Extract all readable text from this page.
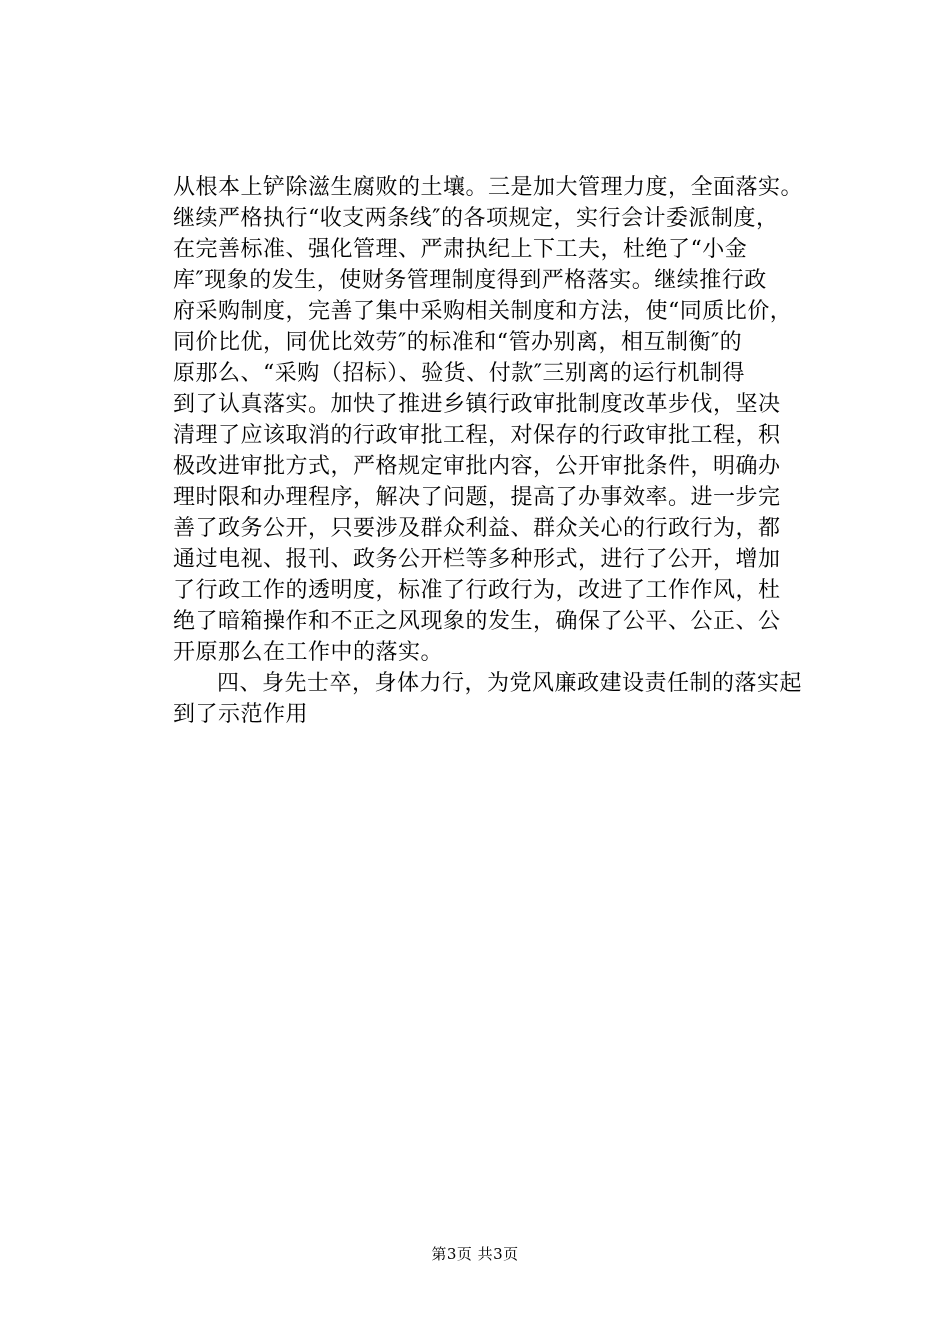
从根本上铲除滋生腐败的土壤。三是加大管理力度，全面落实。
继续严格执行“收支两条线″的各项规定，实行会计委派制度，
在完善标准、强化管理、严肃执纪上下工夫，杜绝了“小金
库″现象的发生，使财务管理制度得到严格落实。继续推行政
府采购制度，完善了集中采购相关制度和方法，使“同质比价，
同价比优，同优比效劳″的标准和“管办别离，相互制衡″的
原那么、“采购（招标）、验货、付款″三别离的运行机制得
到了认真落实。加快了推进乡镇行政审批制度改革步伐，坚决
清理了应该取消的行政审批工程，对保存的行政审批工程，积
极改进审批方式，严格规定审批内容，公开审批条件，明确办
理时限和办理程序，解决了问题，提高了办事效率。进一步完
善了政务公开，只要涉及群众利益、群众关心的行政行为，都
通过电视、报刊、政务公开栏等多种形式，进行了公开，增加
了行政工作的透明度，标准了行政行为，改进了工作作风，杜
绝了暗箱操作和不正之风现象的发生，确保了公平、公正、公
开原那么在工作中的落实。
四、身先士卒，身体力行，为党风廉政建设责任制的落实起
到了示范作用
第3页 共3页
